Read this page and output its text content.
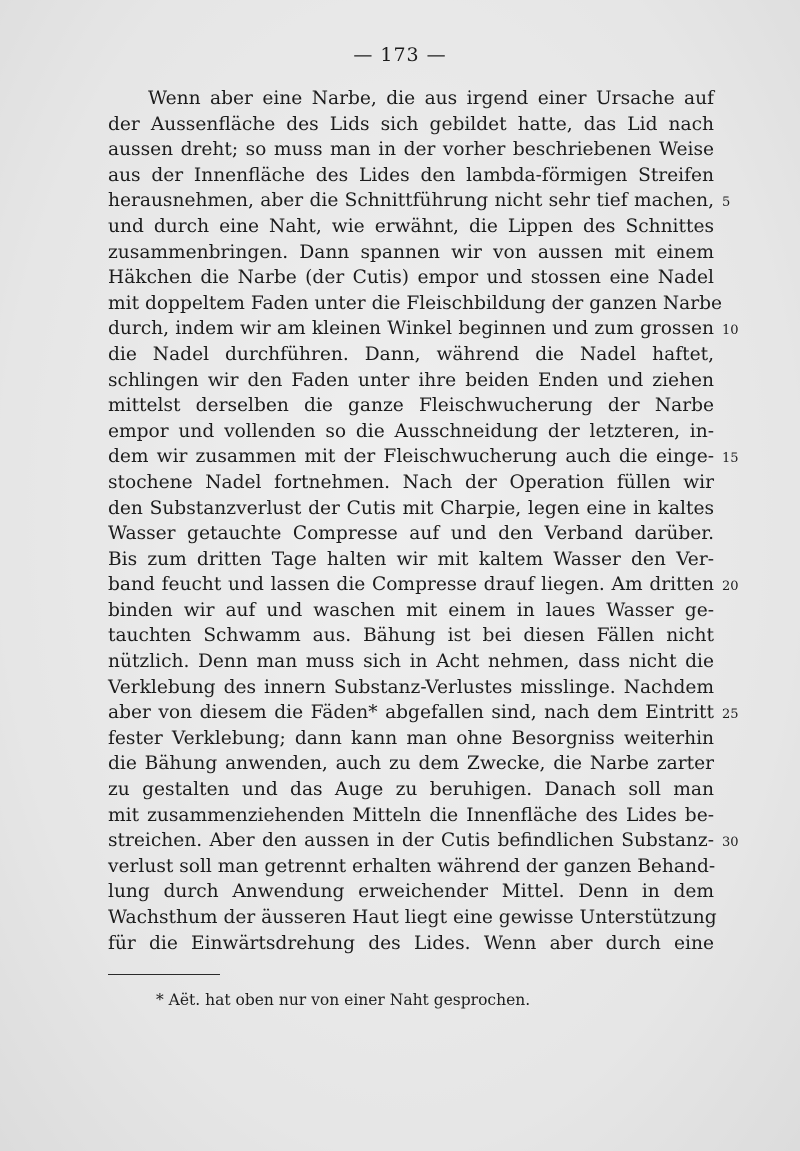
— 173 —
Wenn aber eine Narbe, die aus irgend einer Ursache auf
der Aussenfläche des Lids sich gebildet hatte, das Lid nach
aussen dreht; so muss man in der vorher beschriebenen Weise
aus der Innenfläche des Lides den lambda-förmigen Streifen
herausnehmen, aber die Schnittführung nicht sehr tief machen,
und durch eine Naht, wie erwähnt, die Lippen des Schnittes
zusammenbringen. Dann spannen wir von aussen mit einem
Häkchen die Narbe (der Cutis) empor und stossen eine Nadel
mit doppeltem Faden unter die Fleischbildung der ganzen Narbe
durch, indem wir am kleinen Winkel beginnen und zum grossen
die Nadel durchführen. Dann, während die Nadel haftet,
schlingen wir den Faden unter ihre beiden Enden und ziehen
mittelst derselben die ganze Fleischwucherung der Narbe
empor und vollenden so die Ausschneidung der letzteren, in-
dem wir zusammen mit der Fleischwucherung auch die einge-
stochene Nadel fortnehmen. Nach der Operation füllen wir
den Substanzverlust der Cutis mit Charpie, legen eine in kaltes
Wasser getauchte Compresse auf und den Verband darüber.
Bis zum dritten Tage halten wir mit kaltem Wasser den Ver-
band feucht und lassen die Compresse drauf liegen. Am dritten
binden wir auf und waschen mit einem in laues Wasser ge-
tauchten Schwamm aus. Bähung ist bei diesen Fällen nicht
nützlich. Denn man muss sich in Acht nehmen, dass nicht die
Verklebung des innern Substanz-Verlustes misslinge. Nachdem
aber von diesem die Fäden* abgefallen sind, nach dem Eintritt
fester Verklebung; dann kann man ohne Besorgniss weiterhin
die Bähung anwenden, auch zu dem Zwecke, die Narbe zarter
zu gestalten und das Auge zu beruhigen. Danach soll man
mit zusammenziehenden Mitteln die Innenfläche des Lides be-
streichen. Aber den aussen in der Cutis befindlichen Substanz-
verlust soll man getrennt erhalten während der ganzen Behand-
lung durch Anwendung erweichender Mittel. Denn in dem
Wachsthum der äusseren Haut liegt eine gewisse Unterstützung
für die Einwärtsdrehung des Lides. Wenn aber durch eine
5
10
15
20
25
30
* Aët. hat oben nur von einer Naht gesprochen.
